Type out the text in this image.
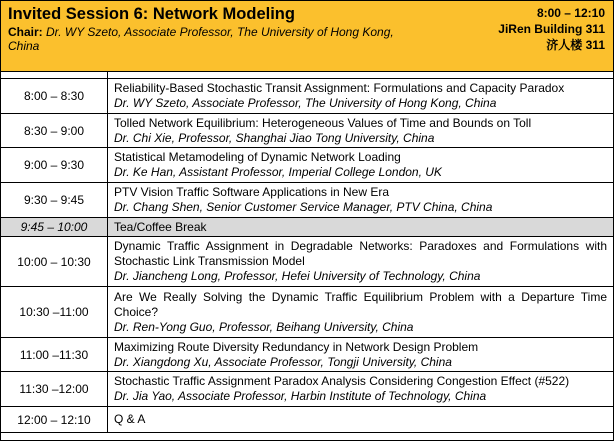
Invited Session 6: Network Modeling
Chair: Dr. WY Szeto, Associate Professor, The University of Hong Kong, China
8:00 – 12:10
JiRen Building 311
济人楼 311

8:00 – 8:30	Reliability-Based Stochastic Transit Assignment: Formulations and Capacity Paradox
Dr. WY Szeto, Associate Professor, The University of Hong Kong, China

8:30 – 9:00	Tolled Network Equilibrium: Heterogeneous Values of Time and Bounds on Toll
Dr. Chi Xie, Professor, Shanghai Jiao Tong University, China

9:00 – 9:30	Statistical Metamodeling of Dynamic Network Loading
Dr. Ke Han, Assistant Professor, Imperial College London, UK

9:30 – 9:45	PTV Vision Traffic Software Applications in New Era
Dr. Chang Shen, Senior Customer Service Manager, PTV China, China

9:45 – 10:00	Tea/Coffee Break
10:00 – 10:30	Dynamic Traffic Assignment in Degradable Networks: Paradoxes and Formulations with Stochastic Link Transmission Model
Dr. Jiancheng Long, Professor, Hefei University of Technology, China

10:30 –11:00	Are We Really Solving the Dynamic Traffic Equilibrium Problem with a Departure Time Choice?
Dr. Ren-Yong Guo, Professor, Beihang University, China

11:00 –11:30	Maximizing Route Diversity Redundancy in Network Design Problem
Dr. Xiangdong Xu, Associate Professor, Tongji University, China

11:30 –12:00	Stochastic Traffic Assignment Paradox Analysis Considering Congestion Effect (#522)
Dr. Jia Yao, Associate Professor, Harbin Institute of Technology, China

12:00 – 12:10	Q & A
